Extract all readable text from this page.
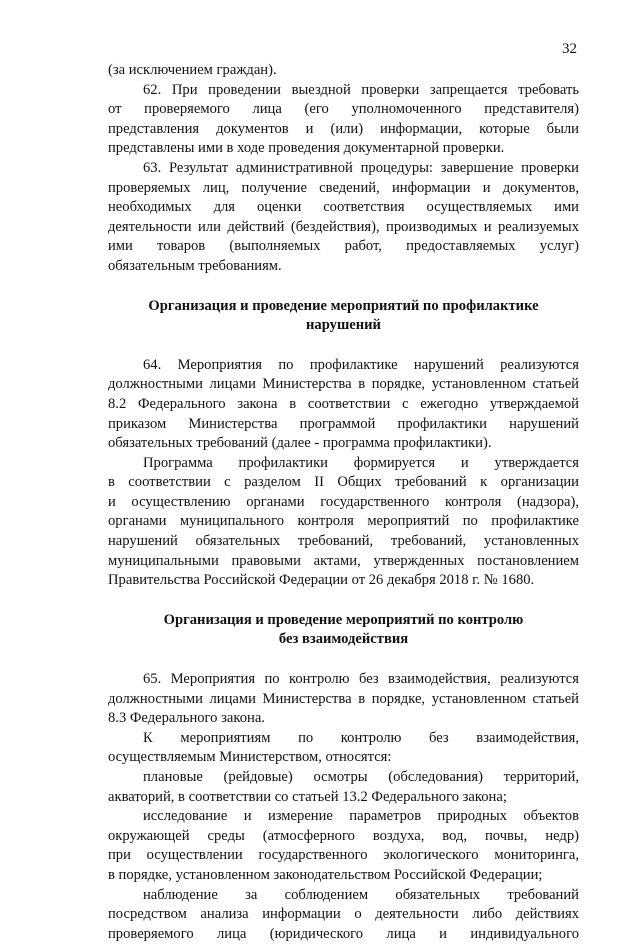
32
(за исключением граждан).
62. При проведении выездной проверки запрещается требовать
от проверяемого лица (его уполномоченного представителя)
представления документов и (или) информации, которые были
представлены ими в ходе проведения документарной проверки.
63. Результат административной процедуры: завершение проверки
проверяемых лиц, получение сведений, информации и документов,
необходимых для оценки соответствия осуществляемых ими
деятельности или действий (бездействия), производимых и реализуемых
ими товаров (выполняемых работ, предоставляемых услуг)
обязательным требованиям.
Организация и проведение мероприятий по профилактике
нарушений
64. Мероприятия по профилактике нарушений реализуются
должностными лицами Министерства в порядке, установленном статьей
8.2 Федерального закона в соответствии с ежегодно утверждаемой
приказом Министерства программой профилактики нарушений
обязательных требований (далее - программа профилактики).
Программа профилактики формируется и утверждается
в соответствии с разделом II Общих требований к организации
и осуществлению органами государственного контроля (надзора),
органами муниципального контроля мероприятий по профилактике
нарушений обязательных требований, требований, установленных
муниципальными правовыми актами, утвержденных постановлением
Правительства Российской Федерации от 26 декабря 2018 г. № 1680.
Организация и проведение мероприятий по контролю
без взаимодействия
65. Мероприятия по контролю без взаимодействия, реализуются
должностными лицами Министерства в порядке, установленном статьей
8.3 Федерального закона.
К мероприятиям по контролю без взаимодействия,
осуществляемым Министерством, относятся:
плановые (рейдовые) осмотры (обследования) территорий,
акваторий, в соответствии со статьей 13.2 Федерального закона;
исследование и измерение параметров природных объектов
окружающей среды (атмосферного воздуха, вод, почвы, недр)
при осуществлении государственного экологического мониторинга,
в порядке, установленном законодательством Российской Федерации;
наблюдение за соблюдением обязательных требований
посредством анализа информации о деятельности либо действиях
проверяемого лица (юридического лица и индивидуального
